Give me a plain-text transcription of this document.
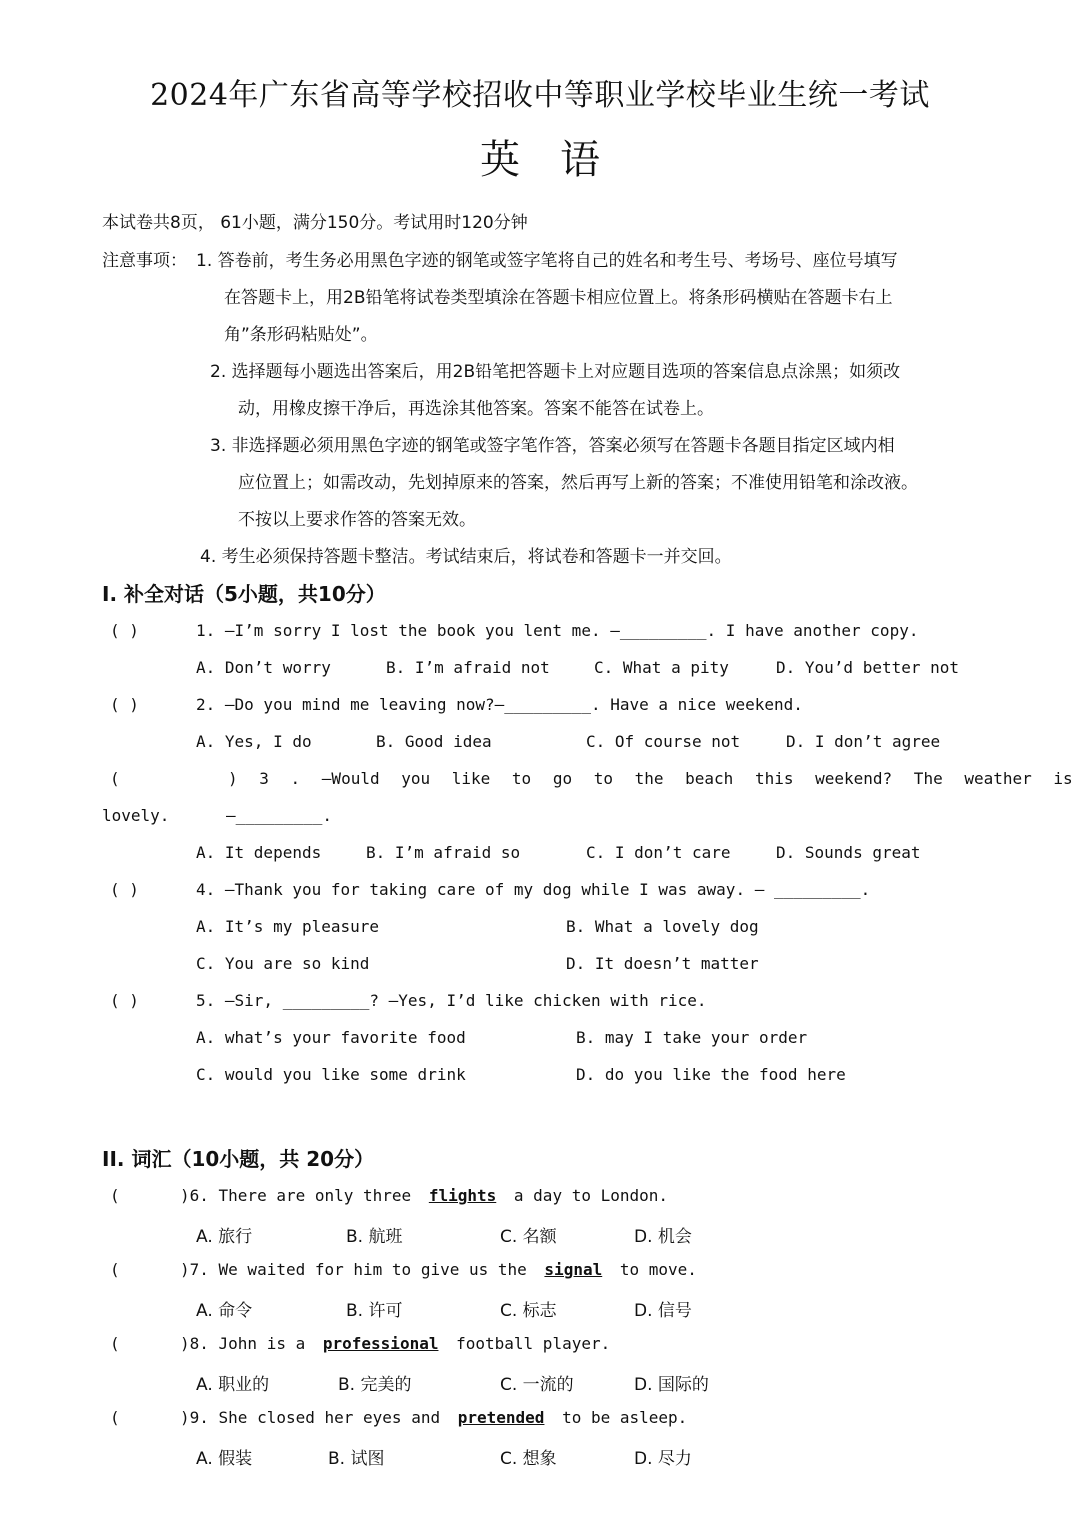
2024年广东省高等学校招收中等职业学校毕业生统一考试
英语
本试卷共8页， 61小题，满分150分。考试用时120分钟
注意事项： 1. 答卷前，考生务必用黑色字迹的钢笔或签字笔将自己的姓名和考生号、考场号、座位号填写
在答题卡上，用2B铅笔将试卷类型填涂在答题卡相应位置上。将条形码横贴在答题卡右上
角”条形码粘贴处”。
2. 选择题每小题选出答案后，用2B铅笔把答题卡上对应题目选项的答案信息点涂黑；如须改
动，用橡皮擦干净后，再选涂其他答案。答案不能答在试卷上。
3. 非选择题必须用黑色字迹的钢笔或签字笔作答，答案必须写在答题卡各题目指定区域内相
应位置上；如需改动，先划掉原来的答案，然后再写上新的答案；不准使用铅笔和涂改液。
不按以上要求作答的答案无效。
4. 考生必须保持答题卡整洁。考试结束后，将试卷和答题卡一并交回。
I. 补全对话（5小题，共10分）
( )	1. —I’m sorry I lost the book you lent me. —_________. I have another copy.
A. Don’t worry	B. I’m afraid not	C. What a pity	D. You’d better not
( )	2. —Do you mind me leaving now?—_________. Have a nice weekend.
A. Yes, I do	B. Good idea	C. Of course not	D. I don’t agree
(	) 3 . —Would you like to go to the beach this weekend? The weather is
lovely.	—_________.
A. It depends	B. I’m afraid so	C. I don’t care	D. Sounds great
( )	4. —Thank you for taking care of my dog while I was away. — _________.
A. It’s my pleasure	B. What a lovely dog
C. You are so kind	D. It doesn’t matter
( )	5. —Sir, _________? —Yes, I’d like chicken with rice.
A. what’s your favorite food	B. may I take your order
C. would you like some drink	D. do you like the food here
II. 词汇（10小题，共 20分）
(	)6. There are only three flights a day to London.
A. 旅行	B. 航班	C. 名额	D. 机会
(	)7. We waited for him to give us the signal to move.
A. 命令	B. 许可	C. 标志	D. 信号
(	)8. John is a professional football player.
A. 职业的	B. 完美的	C. 一流的	D. 国际的
(	)9. She closed her eyes and pretended to be asleep.
A. 假装	B. 试图	C. 想象	D. 尽力
